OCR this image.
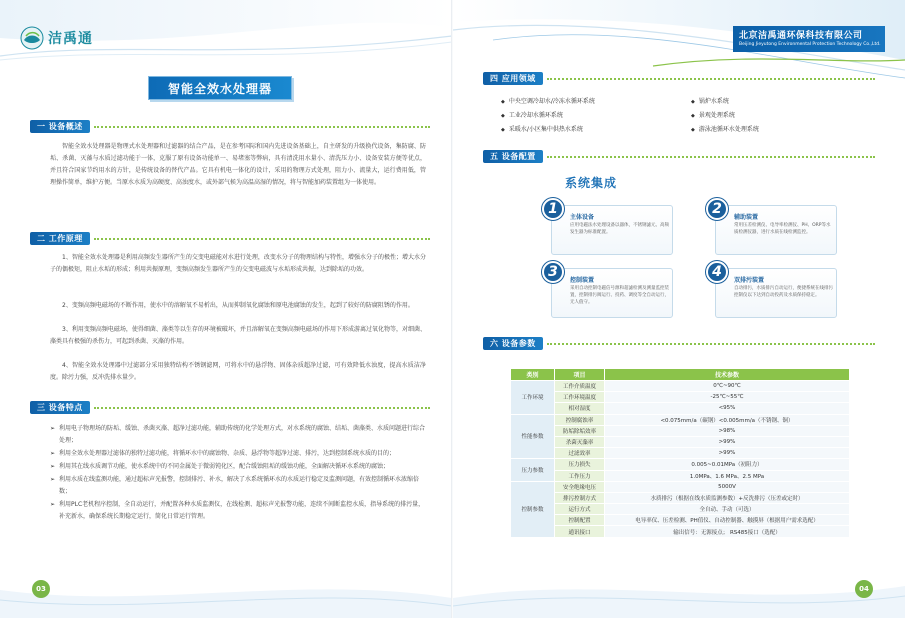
洁禹通
智能全效水处理器
一 设备概述

智能全效水处理器是物理式水处理器和过滤器的结合产品，是在参考国际和国内先进设备基础上，自主研发的升级换代设备，集防腐、防垢、杀菌、灭藻与水质过滤功能于一体，克服了原有设备功能单一、易堵塞等弊病，具有清洗用水量小、清洗压力小、设备安装方便等优点，并且符合国家节约用水的方针，是传统设备的替代产品。它具有机电一体化的设计，采用的物理方式处理，阻力小、流量大，运行费用低，管理操作简单，维护方便。当原水水质为高硬度、高浊度水，或外部气候为高温高湿的情况，将与智能加药装置组为一体使用。

二 工作原理

1、智能全效水处理器是利用高频发生器所产生的交变电磁能对水进行处理，改变水分子的物理结构与特性，增强水分子的极性；增大水分子的偶极矩，阻止水垢的形成；利用共振原理，变频高频发生器所产生的交变电磁波与水垢形成共振，达到除垢的功效。

2、变频高频电磁场的不断作用，使水中的溶解氧不易析出，从而抑制氧化腐蚀和原电池腐蚀的发生，起到了较好的防腐阻锈的作用。

3、利用变频高频电磁场，使得细菌、藻类等以生存的环境被破坏，并且溶解氧在变频高频电磁场的作用下形成游离过氧化物等，对细菌、藻类具有极强的杀伤力，可起到杀菌、灭藻的作用。

4、智能全效水处理器中过滤部分采用独特结构不锈钢滤网，可将水中的悬浮物、固体杂质超净过滤，可有效降低水浊度，提高水质洁净度。除污力强，反冲洗排水量少。

三 设备特点
➢ 利用电子物理场的防垢、缓蚀、杀菌灭藻、超净过滤功能，辅助传统的化学处理方式，对水系统的腐蚀、结垢、菌藻类、水质问题进行综合处理；
➢ 利用全效水处理器过滤体的独特过滤功能，将循环水中的腐蚀物、杂质、悬浮物等超净过滤、排污，达到控制系统水质的目的；
➢ 利用其在线水质调节功能，使水系统中的不同金属处于微弱钝化区，配合缓蚀阻垢的缓蚀功能，全面解决循环水系统的腐蚀；
➢ 利用水质在线监测功能，通过超标声光报警，控制排污、补水，解决了水系统循环水的水质运行稳定及监测问题，有效控制循环水浓缩倍数；
➢ 利用PLC老机程序控制，全自动运行，并配置各种水质监测仪，在线检测、超标声光报警功能，连续不间断监控水质，指导系统的排污量，补充新水，确保系统长期稳定运行，简化日常运行管理。
03
北京洁禹通环保科技有限公司
Beijing Jieyutong Environmental Protection Technology Co.,Ltd.
四 应用领域
◆ 中央空调冷却水/冷冻水循环系统	◆ 锅炉水系统
◆ 工业冷却水循环系统	◆ 景观处理系统
◆ 采暖水/小区集中供热水系统	◆ 游泳池循环水处理系统
五 设备配置
系统集成
1
主体设备
应用电磁法水处理设备以器体，不锈钢滤元、高频发生器为标准配置。
2
辅助装置
常用压差检测仪、电导率检测仪、PH、ORP等水质检测仪器，进行水质在线检测监控。
3
控制装置
采用自动控制电磁信号源和超滤检测及测量监控装置，控制排污阀运行、投药、调度等全自动运行，无人值守。
4
双排污装置
自动排污，水质排污自动运行，便捷系统在线排污控制仪以下达到自动投药及水质保持稳定。
六 设备参数
类别	项目	技术参数
工作环境	工作介质温度	0℃~90℃
	工作环境温度	-25℃~55℃
	相对湿度	<95%
性能参数	控制腐蚀率	<0.075mm/a（碳钢）<0.005mm/a（不锈钢、铜）
	防垢除垢效率	>98%
	杀菌灭藻率	>99%
	过滤效率	>99%
压力参数	压力损失	0.005~0.01MPa（初阻力）
	工作压力	1.0MPa、1.6 MPa、2.5 MPa
控制参数	安全绝缘电压	5000V
	排污控制方式	水质排污（根据在线水质监测参数）+反洗排污（压差或定时）
	运行方式	全自动、手动（可选）
	控制配置	电导率仪、压差检测、PH值仪、自动控制器、触摸屏（根据用户需求选配）
	通讯接口	输出信号：无源接点； RS485接口（选配）
04
